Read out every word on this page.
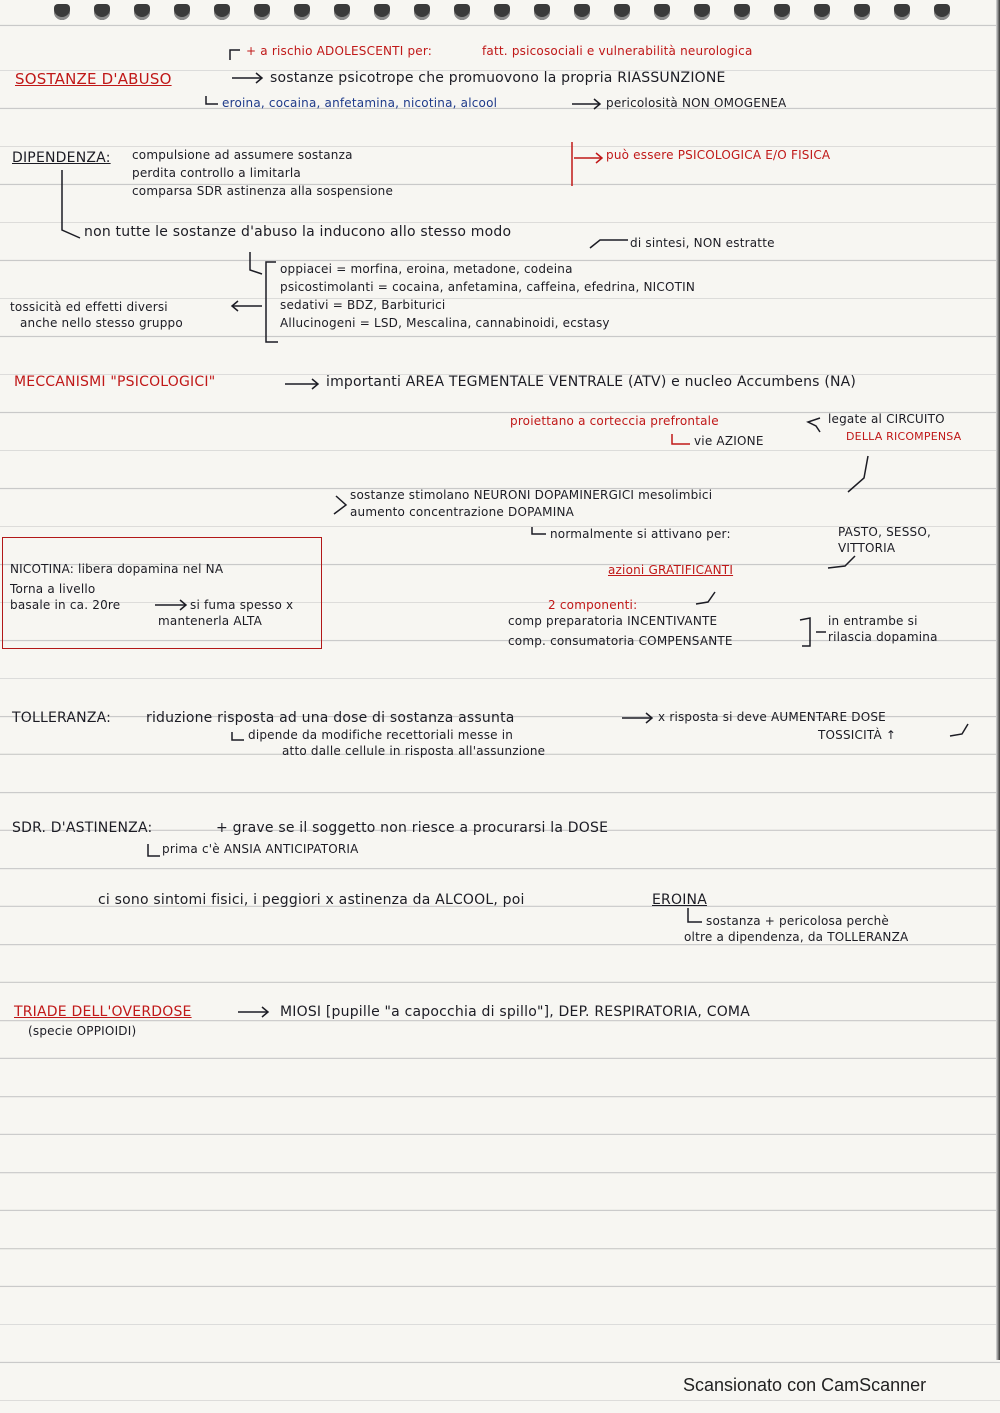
+ a rischio ADOLESCENTI per:	fatt. psicosociali e vulnerabilità neurologica
SOSTANZE D'ABUSO	sostanze psicotrope che promuovono la propria RIASSUNZIONE
eroina, cocaina, anfetamina, nicotina, alcool	pericolosità NON OMOGENEA
DIPENDENZA: compulsione ad assumere sostanza
perdita controllo a limitarla
comparsa SDR astinenza alla sospensione
può essere PSICOLOGICA E/O FISICA
non tutte le sostanze d'abuso la inducono allo stesso modo
di sintesi, NON estratte
oppiacei = morfina, eroina, metadone, codeina
psicostimolanti = cocaina, anfetamina, caffeina, efedrina, NICOTIN
sedativi = BDZ, Barbiturici
Allucinogeni = LSD, Mescalina, cannabinoidi, ecstasy
tossicità ed effetti diversi
anche nello stesso gruppo
MECCANISMI "PSICOLOGICI"	importanti AREA TEGMENTALE VENTRALE (ATV) e nucleo Accumbens (NA)
proiettano a corteccia prefrontale
vie AZIONE
legate al CIRCUITO
DELLA RICOMPENSA
sostanze stimolano NEURONI DOPAMINERGICI mesolimbici
aumento concentrazione DOPAMINA
normalmente si attivano per:	PASTO, SESSO,
VITTORIA
azioni GRATIFICANTI
2 componenti:
comp preparatoria INCENTIVANTE
comp. consumatoria COMPENSANTE
in entrambe si
rilascia dopamina
NICOTINA: libera dopamina nel NA
Torna a livello
basale in ca. 20re	si fuma spesso x
mantenerla ALTA
TOLLERANZA: riduzione risposta ad una dose di sostanza assunta	x risposta si deve AUMENTARE DOSE
TOSSICITÀ ↑
dipende da modifiche recettoriali messe in
atto dalle cellule in risposta all'assunzione
SDR. D'ASTINENZA:	+ grave se il soggetto non riesce a procurarsi la DOSE
prima c'è ANSIA ANTICIPATORIA
ci sono sintomi fisici, i peggiori x astinenza da ALCOOL, poi	EROINA
sostanza + pericolosa perchè
oltre a dipendenza, da TOLLERANZA
TRIADE DELL'OVERDOSE
(specie OPPIOIDI)
MIOSI [pupille "a capocchia di spillo"], DEP. RESPIRATORIA, COMA
Scansionato con CamScanner
